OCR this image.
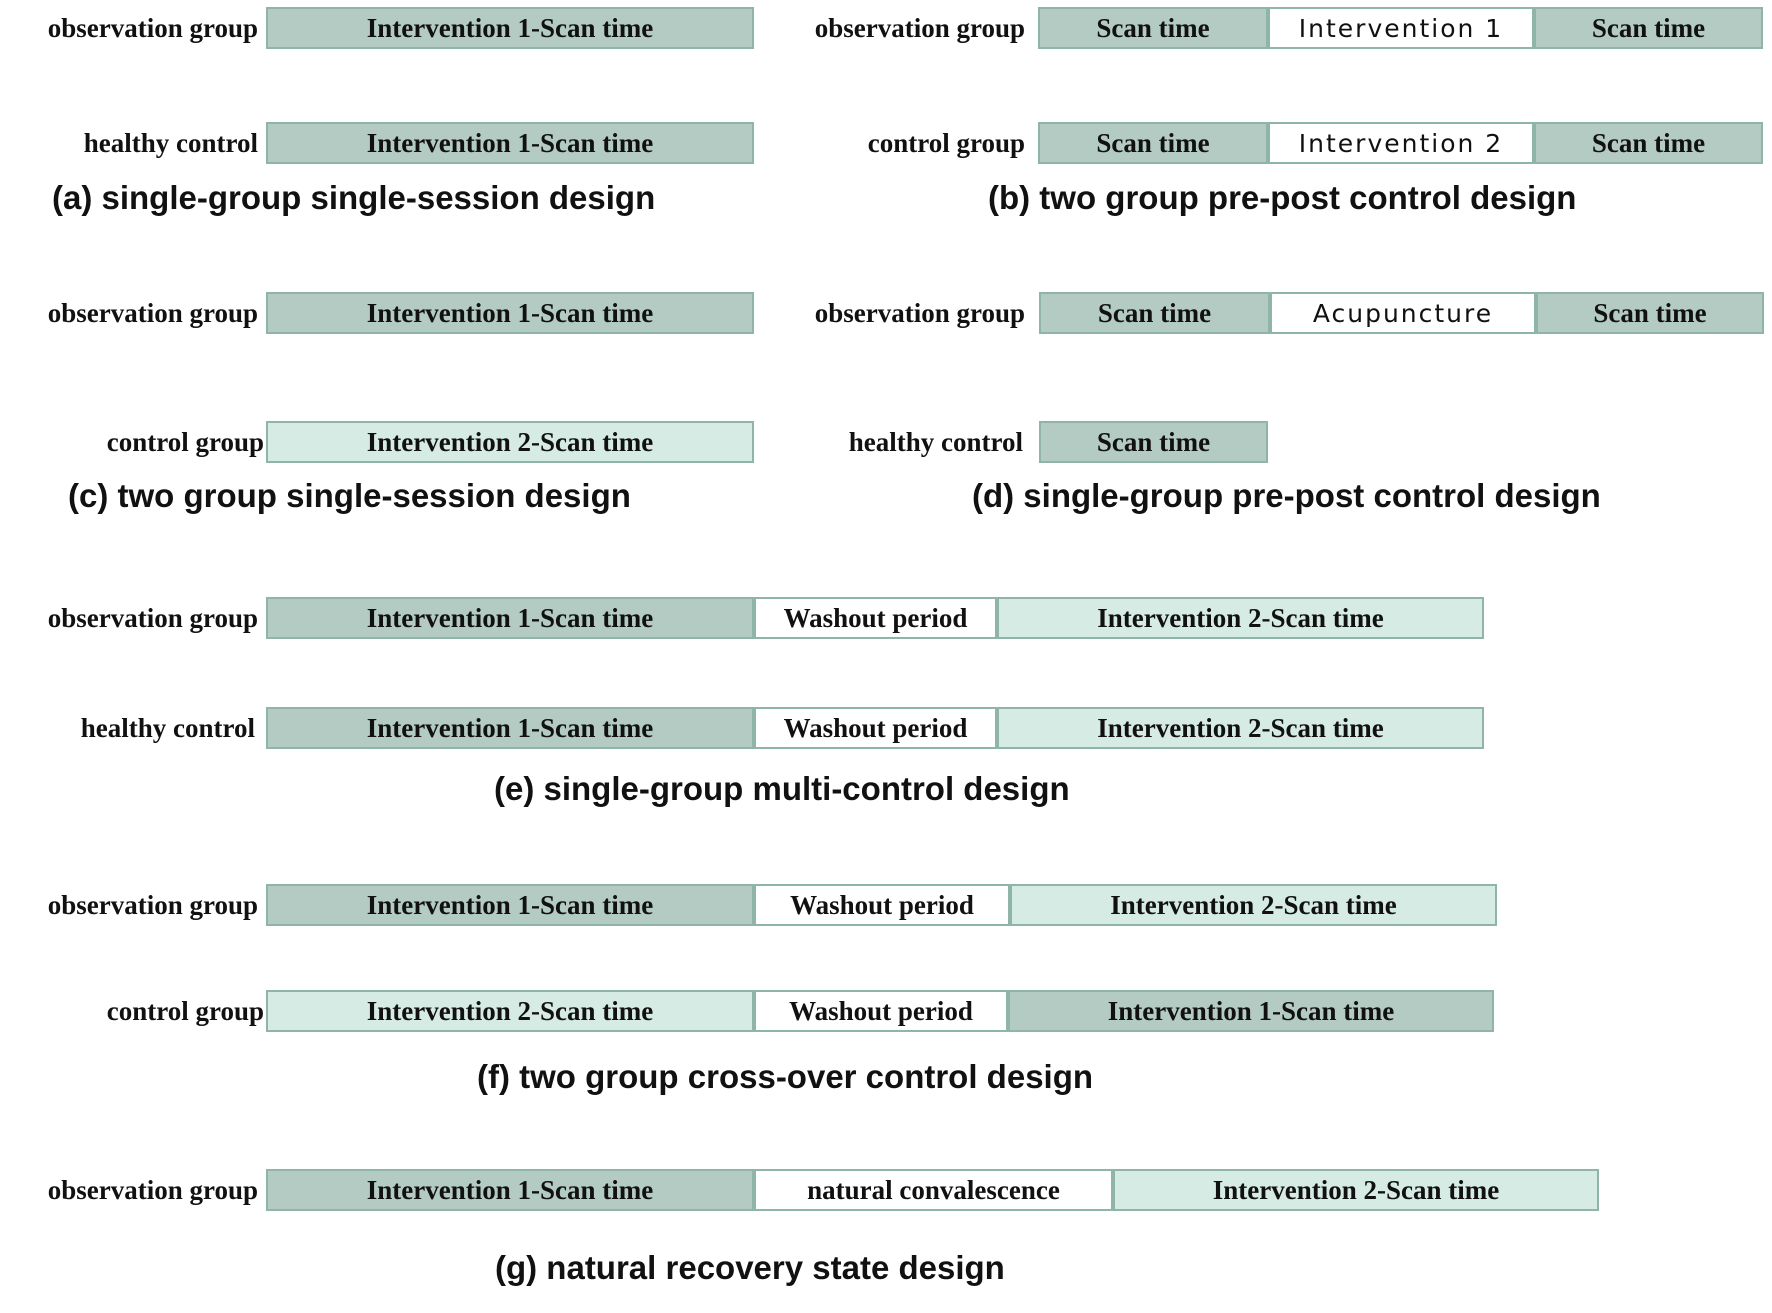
observation group	Intervention 1-Scan time
healthy control	Intervention 1-Scan time
(a) single-group single-session design
observation group	Scan time	Intervention 1	Scan time
control group	Scan time	Intervention 2	Scan time
(b) two group pre-post control design
observation group	Intervention 1-Scan time
control group	Intervention 2-Scan time
(c) two group single-session design
observation group	Scan time	Acupuncture	Scan time
healthy control	Scan time
(d) single-group pre-post control design
observation group	Intervention 1-Scan time	Washout period	Intervention 2-Scan time
healthy control	Intervention 1-Scan time	Washout period	Intervention 2-Scan time
(e) single-group multi-control design
observation group	Intervention 1-Scan time	Washout period	Intervention 2-Scan time
control group	Intervention 2-Scan time	Washout period	Intervention 1-Scan time
(f) two group cross-over control design
observation group	Intervention 1-Scan time	natural convalescence	Intervention 2-Scan time
(g) natural recovery state design
